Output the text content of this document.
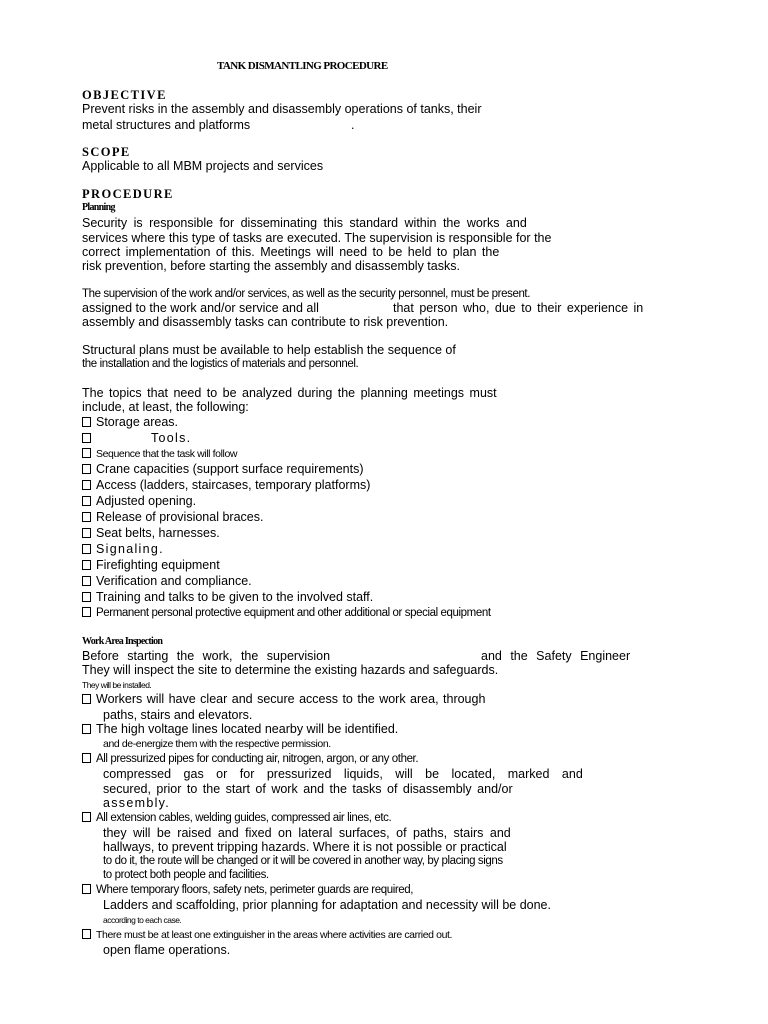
TANK DISMANTLING PROCEDURE
OBJECTIVE
Prevent risks in the assembly and disassembly operations of tanks, their
metal structures and platforms	.
SCOPE
Applicable to all MBM projects and services
PROCEDURE
Planning
Security is responsible for disseminating this standard within the works and
services where this type of tasks are executed. The supervision is responsible for the
correct implementation of this. Meetings will need to be held to plan the
risk prevention, before starting the assembly and disassembly tasks.
The supervision of the work and/or services, as well as the security personnel, must be present.
assigned to the work and/or service and all	that person who, due to their experience in
assembly and disassembly tasks can contribute to risk prevention.
Structural plans must be available to help establish the sequence of
the installation and the logistics of materials and personnel.
The topics that need to be analyzed during the planning meetings must
include, at least, the following:
Storage areas.
Tools.
Sequence that the task will follow
Crane capacities (support surface requirements)
Access (ladders, staircases, temporary platforms)
Adjusted opening.
Release of provisional braces.
Seat belts, harnesses.
Signaling.
Firefighting equipment
Verification and compliance.
Training and talks to be given to the involved staff.
Permanent personal protective equipment and other additional or special equipment
Work Area Inspection
Before starting the work, the supervision	and the Safety Engineer
They will inspect the site to determine the existing hazards and safeguards.
They will be installed.
Workers will have clear and secure access to the work area, through
paths, stairs and elevators.
The high voltage lines located nearby will be identified.
and de-energize them with the respective permission.
All pressurized pipes for conducting air, nitrogen, argon, or any other.
compressed gas or for pressurized liquids, will be located, marked and
secured, prior to the start of work and the tasks of disassembly and/or
assembly.
All extension cables, welding guides, compressed air lines, etc.
they will be raised and fixed on lateral surfaces, of paths, stairs and
hallways, to prevent tripping hazards. Where it is not possible or practical
to do it, the route will be changed or it will be covered in another way, by placing signs
to protect both people and facilities.
Where temporary floors, safety nets, perimeter guards are required,
Ladders and scaffolding, prior planning for adaptation and necessity will be done.
according to each case.
There must be at least one extinguisher in the areas where activities are carried out.
open flame operations.
